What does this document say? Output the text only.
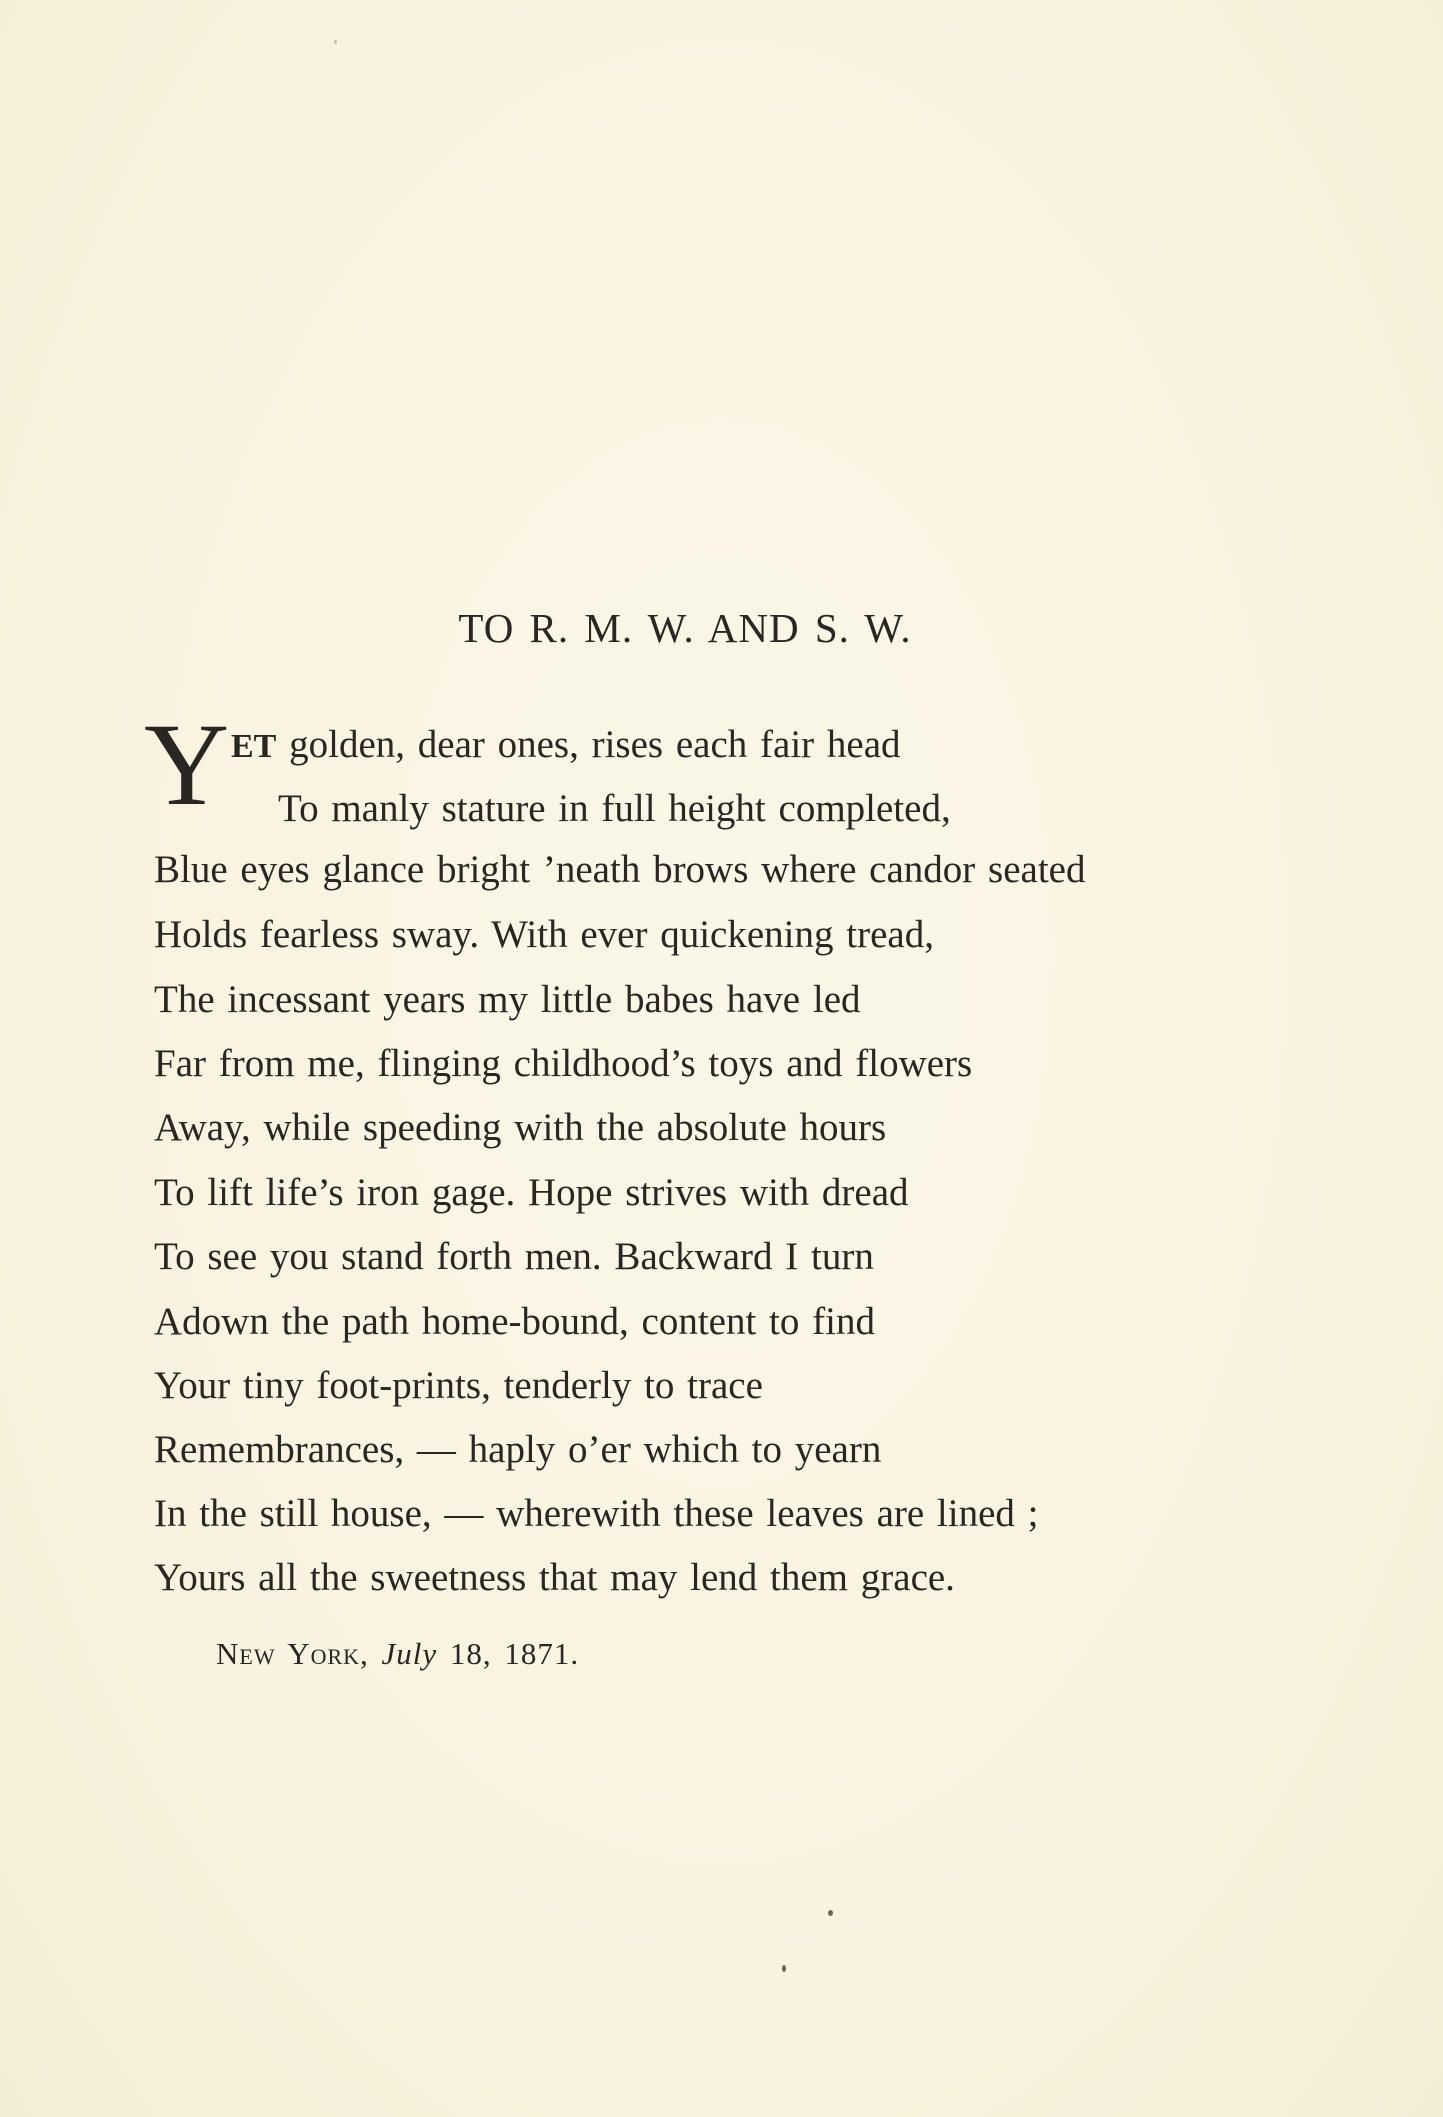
TO R. M. W. AND S. W.
Y ET golden, dear ones, rises each fair head
To manly stature in full height completed,
Blue eyes glance bright ’neath brows where candor seated
Holds fearless sway. With ever quickening tread,
The incessant years my little babes have led
Far from me, flinging childhood’s toys and flowers
Away, while speeding with the absolute hours
To lift life’s iron gage. Hope strives with dread
To see you stand forth men. Backward I turn
Adown the path home-bound, content to find
Your tiny foot-prints, tenderly to trace
Remembrances, — haply o’er which to yearn
In the still house, — wherewith these leaves are lined ;
Yours all the sweetness that may lend them grace.
New York, July 18, 1871.
